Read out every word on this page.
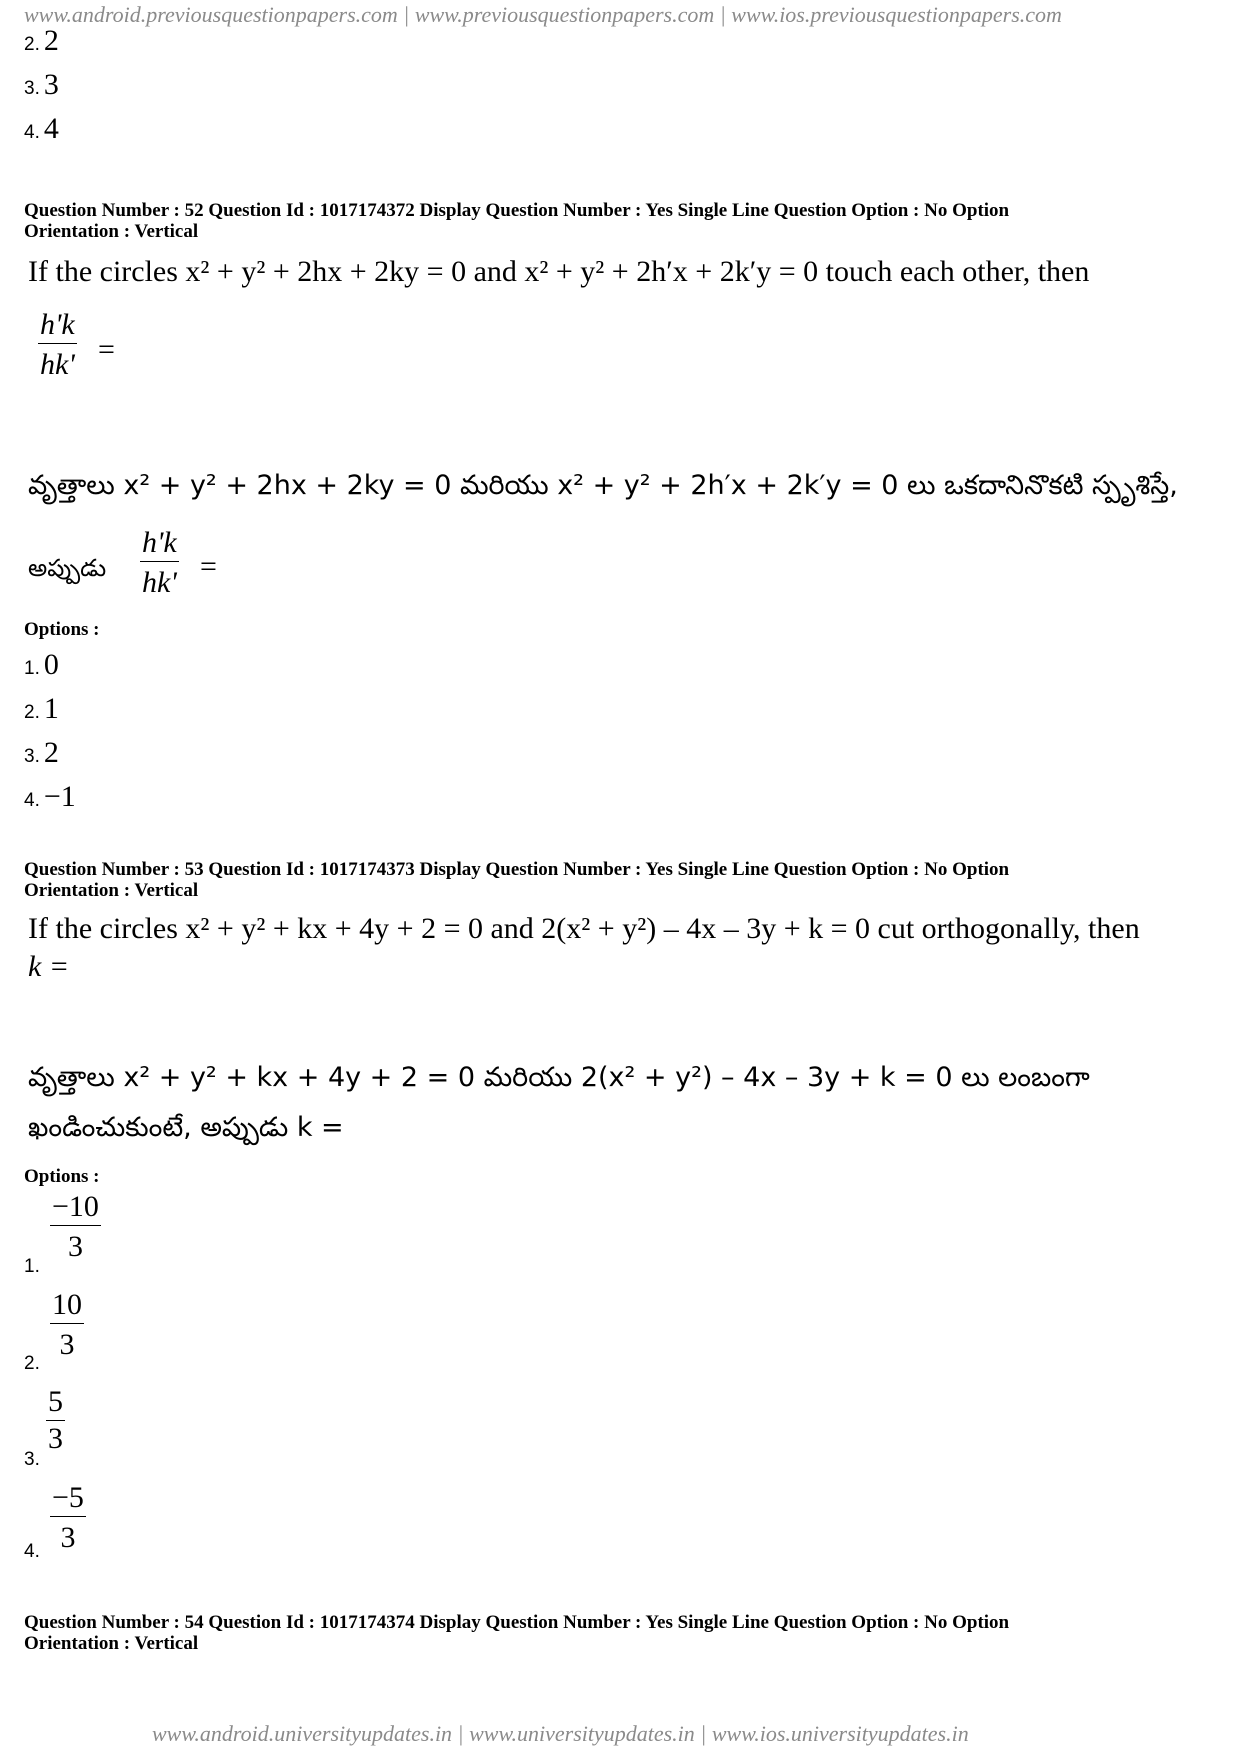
www.android.previousquestionpapers.com | www.previousquestionpapers.com | www.ios.previousquestionpapers.com
2. 2
3. 3
4. 4
Question Number : 52 Question Id : 1017174372 Display Question Number : Yes Single Line Question Option : No Option
Orientation : Vertical
If the circles x² + y² + 2hx + 2ky = 0 and x² + y² + 2h′x + 2k′y = 0 touch each other, then
$\frac{h'k}{hk'}$ =
వృత్తాలు x² + y² + 2hx + 2ky = 0 మరియు x² + y² + 2h′x + 2k′y = 0 లు ఒకదానినొకటి స్పృశిస్తే,
అప్పుడు $\frac{h'k}{hk'}$ =
Options :
1. 0
2. 1
3. 2
4. −1
Question Number : 53 Question Id : 1017174373 Display Question Number : Yes Single Line Question Option : No Option
Orientation : Vertical
If the circles x² + y² + kx + 4y + 2 = 0 and 2(x² + y²) – 4x – 3y + k = 0 cut orthogonally, then
k =
వృత్తాలు x² + y² + kx + 4y + 2 = 0 మరియు 2(x² + y²) – 4x – 3y + k = 0 లు లంబంగా
ఖండించుకుంటే, అప్పుడు k =
Options :
1.
$\frac{-10}{3}$
2.
$\frac{10}{3}$
3.
$\frac{5}{3}$
4. $\frac{-5}{3}$
Question Number : 54 Question Id : 1017174374 Display Question Number : Yes Single Line Question Option : No Option
Orientation : Vertical
www.android.universityupdates.in | www.universityupdates.in | www.ios.universityupdates.in
